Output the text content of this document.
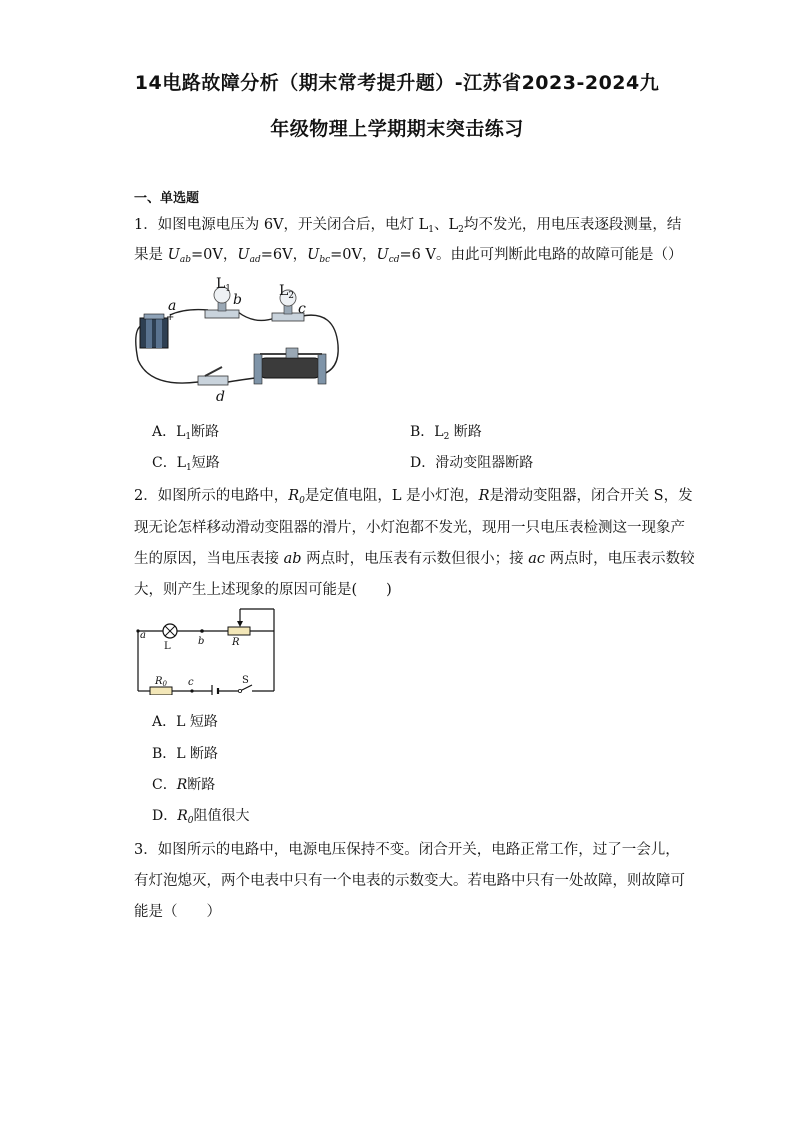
14电路故障分析（期末常考提升题）-江苏省2023-2024九
年级物理上学期期末突击练习
一、单选题
1．如图电源电压为 6V，开关闭合后，电灯 $L_1$、$L_2$均不发光，用电压表逐段测量，结
果是 $U_{ab}=0V$，$U_{ad}=6V$，$U_{bc}=0V$，$U_{cd}=6$ V。由此可判断此电路的故障可能是（）
a
+
$L_1$
b
$L_2$
c
d
A．$L_1$断路	B．$L_2$ 断路
C．$L_1$短路	D．滑动变阻器断路
2．如图所示的电路中，$R_0$是定值电阻，L 是小灯泡，R是滑动变阻器，闭合开关 S，发
现无论怎样移动滑动变阻器的滑片，小灯泡都不发光，现用一只电压表检测这一现象产
生的原因，当电压表接 ab 两点时，电压表有示数但很小；接 ac 两点时，电压表示数较
大，则产生上述现象的原因可能是(　　)
a
L	b	R
$R_0$ c	S
A．L 短路
B．L 断路
C．R断路
D．$R_0$阻值很大
3．如图所示的电路中，电源电压保持不变。闭合开关，电路正常工作，过了一会儿，
有灯泡熄灭，两个电表中只有一个电表的示数变大。若电路中只有一处故障，则故障可
能是（　　）
